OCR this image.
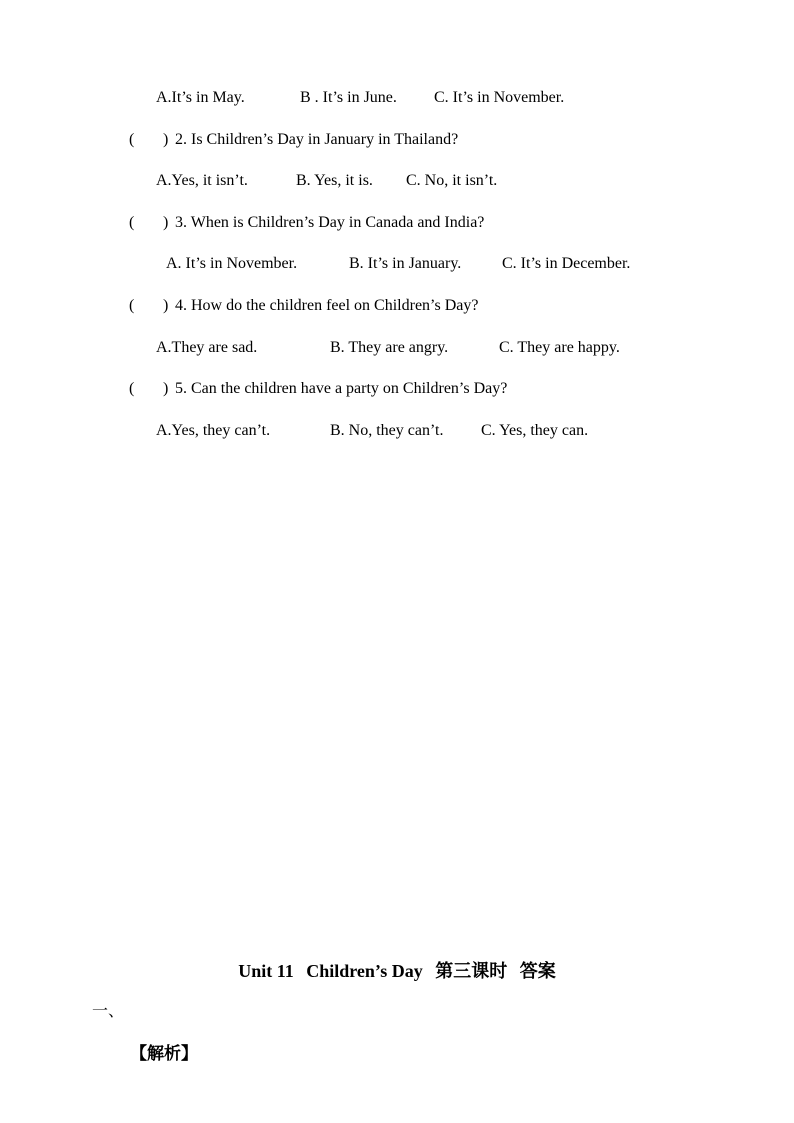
A.It’s in May.	B . It’s in June. C. It’s in November.
( ) 2. Is Children’s Day in January in Thailand?
A.Yes, it isn’t.	B. Yes, it is. C. No, it isn’t.
( ) 3. When is Children’s Day in Canada and India?
A. It’s in November.	B. It’s in January.	C. It’s in December.
( ) 4. How do the children feel on Children’s Day?
A.They are sad.	B. They are angry.	C. They are happy.
( ) 5. Can the children have a party on Children’s Day?
A.Yes, they can’t.	B. No, they can’t. C. Yes, they can.
Unit 11 Children’s Day 第三课时 答案
一、
【解析】
